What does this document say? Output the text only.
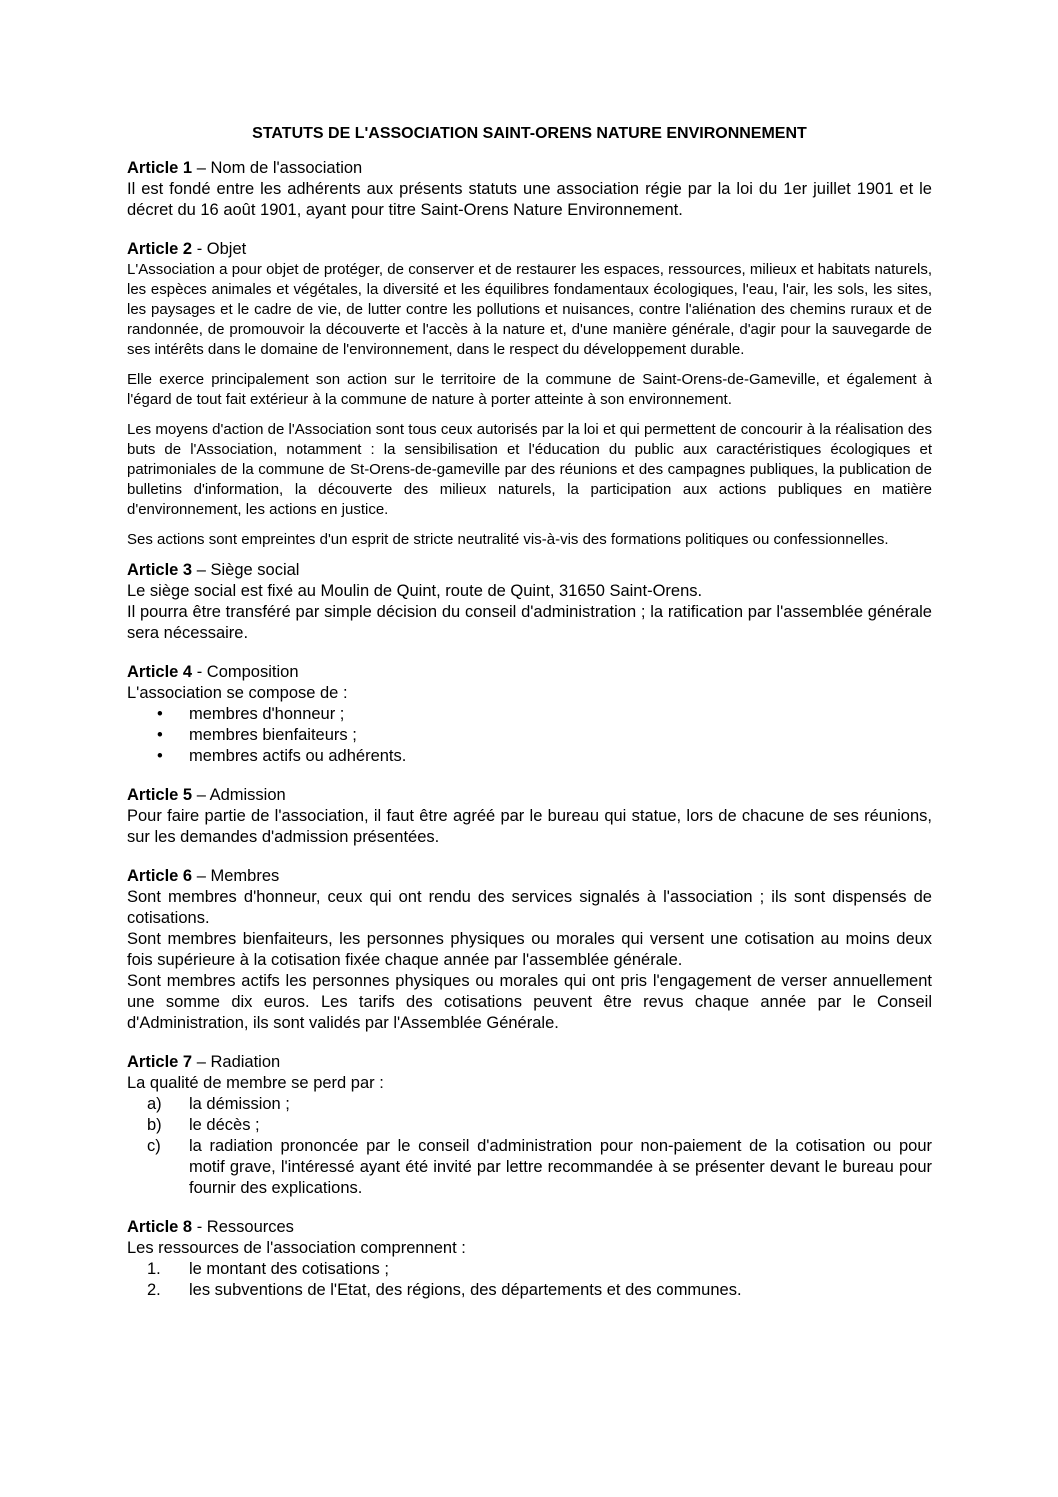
STATUTS DE L'ASSOCIATION SAINT-ORENS NATURE ENVIRONNEMENT

Article 1 – Nom de l'association

Il est fondé entre les adhérents aux présents statuts une association régie par la loi du 1er juillet 1901 et le décret du 16 août 1901, ayant pour titre Saint-Orens Nature Environnement.

Article 2 - Objet

L'Association a pour objet de protéger, de conserver et de restaurer les espaces, ressources, milieux et habitats naturels, les espèces animales et végétales, la diversité et les équilibres fondamentaux écologiques, l'eau, l'air, les sols, les sites, les paysages et le cadre de vie, de lutter contre les pollutions et nuisances, contre l'aliénation des chemins ruraux et de randonnée, de promouvoir la découverte et l'accès à la nature et, d'une manière générale, d'agir pour la sauvegarde de ses intérêts dans le domaine de l'environnement, dans le respect du développement durable.

Elle exerce principalement son action sur le territoire de la commune de Saint-Orens-de-Gameville, et également à l'égard de tout fait extérieur à la commune de nature à porter atteinte à son environnement.

Les moyens d'action de l'Association sont tous ceux autorisés par la loi et qui permettent de concourir à la réalisation des buts de l'Association, notamment : la sensibilisation et l'éducation du public aux caractéristiques écologiques et patrimoniales de la commune de St-Orens-de-gameville par des réunions et des campagnes publiques, la publication de bulletins d'information, la découverte des milieux naturels, la participation aux actions publiques en matière d'environnement, les actions en justice.

Ses actions sont empreintes d'un esprit de stricte neutralité vis-à-vis des formations politiques ou confessionnelles.

Article 3 – Siège social

Le siège social est fixé au Moulin de Quint, route de Quint, 31650 Saint-Orens.

Il pourra être transféré par simple décision du conseil d'administration ; la ratification par l'assemblée générale sera nécessaire.

Article 4 - Composition

L'association se compose de :

• membres d'honneur ;
• membres bienfaiteurs ;
• membres actifs ou adhérents.

Article 5 – Admission

Pour faire partie de l'association, il faut être agréé par le bureau qui statue, lors de chacune de ses réunions, sur les demandes d'admission présentées.

Article 6 – Membres

Sont membres d'honneur, ceux qui ont rendu des services signalés à l'association ; ils sont dispensés de cotisations.

Sont membres bienfaiteurs, les personnes physiques ou morales qui versent une cotisation au moins deux fois supérieure à la cotisation fixée chaque année par l'assemblée générale.

Sont membres actifs les personnes physiques ou morales qui ont pris l'engagement de verser annuellement une somme dix euros. Les tarifs des cotisations peuvent être revus chaque année par le Conseil d'Administration, ils sont validés par l'Assemblée Générale.

Article 7 – Radiation

La qualité de membre se perd par :

a) la démission ;
b) le décès ;
c) la radiation prononcée par le conseil d'administration pour non-paiement de la cotisation ou pour motif grave, l'intéressé ayant été invité par lettre recommandée à se présenter devant le bureau pour fournir des explications.

Article 8 - Ressources

Les ressources de l'association comprennent :

1. le montant des cotisations ;
2. les subventions de l'Etat, des régions, des départements et des communes.
